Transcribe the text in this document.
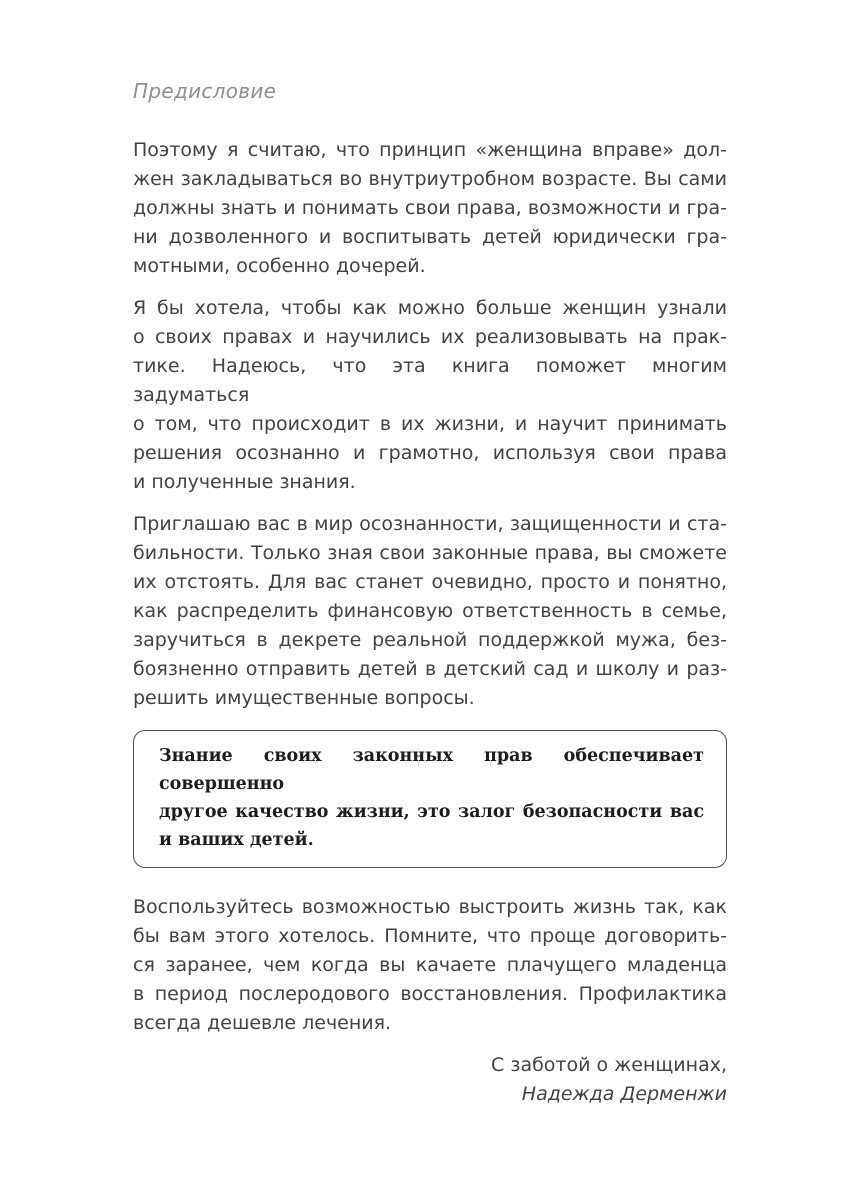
Предисловие
Поэтому я считаю, что принцип «женщина вправе» дол-
жен закладываться во внутриутробном возрасте. Вы сами
должны знать и понимать свои права, возможности и гра-
ни дозволенного и воспитывать детей юридически гра-
мотными, особенно дочерей.
Я бы хотела, чтобы как можно больше женщин узнали
о своих правах и научились их реализовывать на прак-
тике. Надеюсь, что эта книга поможет многим задуматься
о том, что происходит в их жизни, и научит принимать
решения осознанно и грамотно, используя свои права
и полученные знания.
Приглашаю вас в мир осознанности, защищенности и ста-
бильности. Только зная свои законные права, вы сможете
их отстоять. Для вас станет очевидно, просто и понятно,
как распределить финансовую ответственность в семье,
заручиться в декрете реальной поддержкой мужа, без-
боязненно отправить детей в детский сад и школу и раз-
решить имущественные вопросы.
Знание своих законных прав обеспечивает совершенно
другое качество жизни, это залог безопасности вас
и ваших детей.
Воспользуйтесь возможностью выстроить жизнь так, как
бы вам этого хотелось. Помните, что проще договорить-
ся заранее, чем когда вы качаете плачущего младенца
в период послеродового восстановления. Профилактика
всегда дешевле лечения.
С заботой о женщинах,
Надежда Дерменжи
